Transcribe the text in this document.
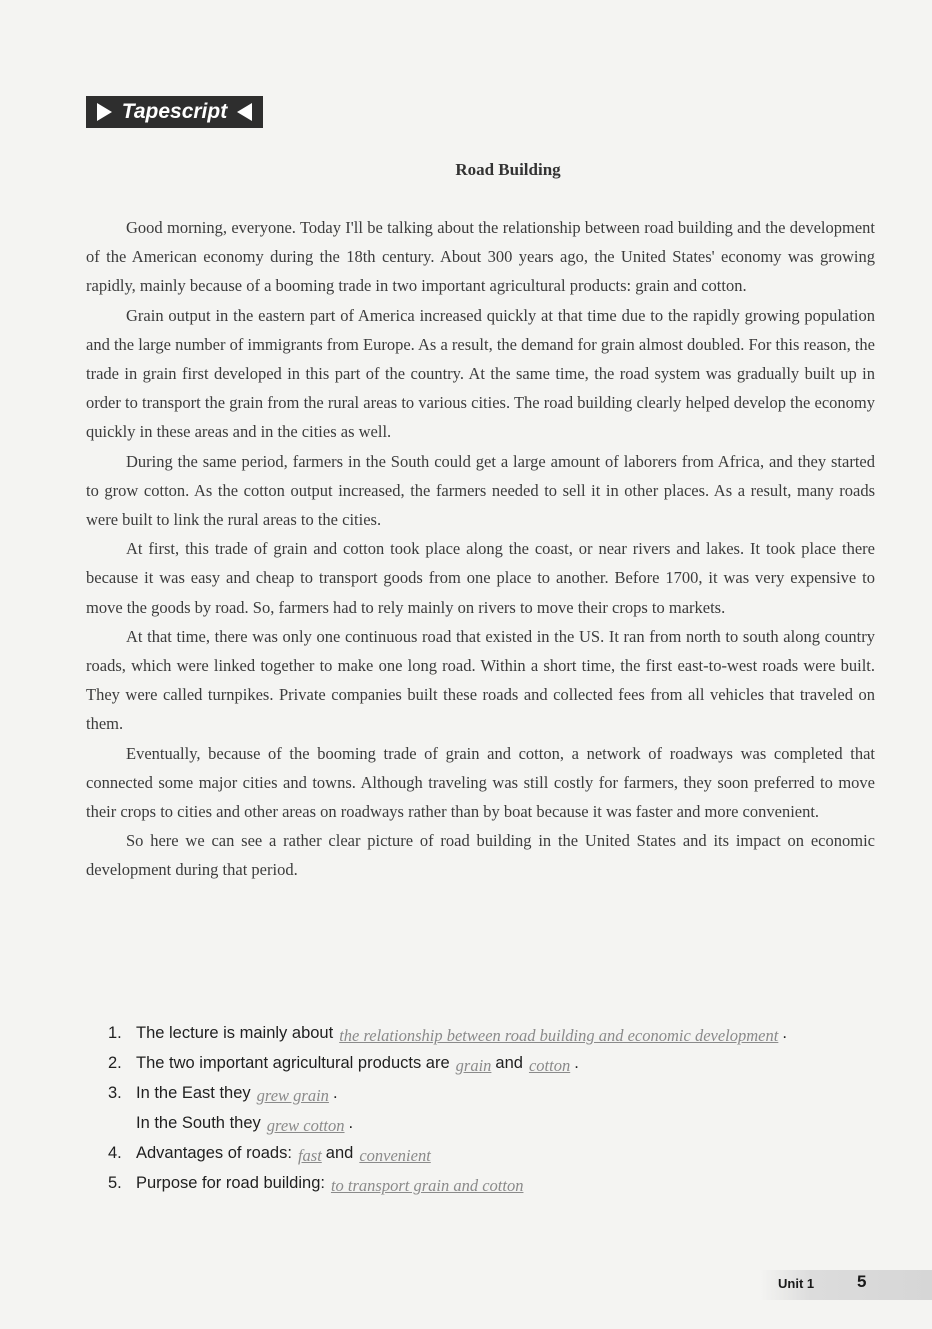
Tapescript
Road Building

Good morning, everyone. Today I'll be talking about the relationship between road building and the development of the American economy during the 18th century. About 300 years ago, the United States' economy was growing rapidly, mainly because of a booming trade in two important agricultural products: grain and cotton.

Grain output in the eastern part of America increased quickly at that time due to the rapidly growing population and the large number of immigrants from Europe. As a result, the demand for grain almost doubled. For this reason, the trade in grain first developed in this part of the country. At the same time, the road system was gradually built up in order to transport the grain from the rural areas to various cities. The road building clearly helped develop the economy quickly in these areas and in the cities as well.

During the same period, farmers in the South could get a large amount of laborers from Africa, and they started to grow cotton. As the cotton output increased, the farmers needed to sell it in other places. As a result, many roads were built to link the rural areas to the cities.

At first, this trade of grain and cotton took place along the coast, or near rivers and lakes. It took place there because it was easy and cheap to transport goods from one place to another. Before 1700, it was very expensive to move the goods by road. So, farmers had to rely mainly on rivers to move their crops to markets.

At that time, there was only one continuous road that existed in the US. It ran from north to south along country roads, which were linked together to make one long road. Within a short time, the first east-to-west roads were built. They were called turnpikes. Private companies built these roads and collected fees from all vehicles that traveled on them.

Eventually, because of the booming trade of grain and cotton, a network of roadways was completed that connected some major cities and towns. Although traveling was still costly for farmers, they soon preferred to move their crops to cities and other areas on roadways rather than by boat because it was faster and more convenient.

So here we can see a rather clear picture of road building in the United States and its impact on economic development during that period.

1. The lecture is mainly about the relationship between road building and economic development .
2. The two important agricultural products are grain and cotton .
3. In the East they grew grain .
In the South they grew cotton .
4. Advantages of roads: fast and convenient
5. Purpose for road building: to transport grain and cotton
Unit 1	5
